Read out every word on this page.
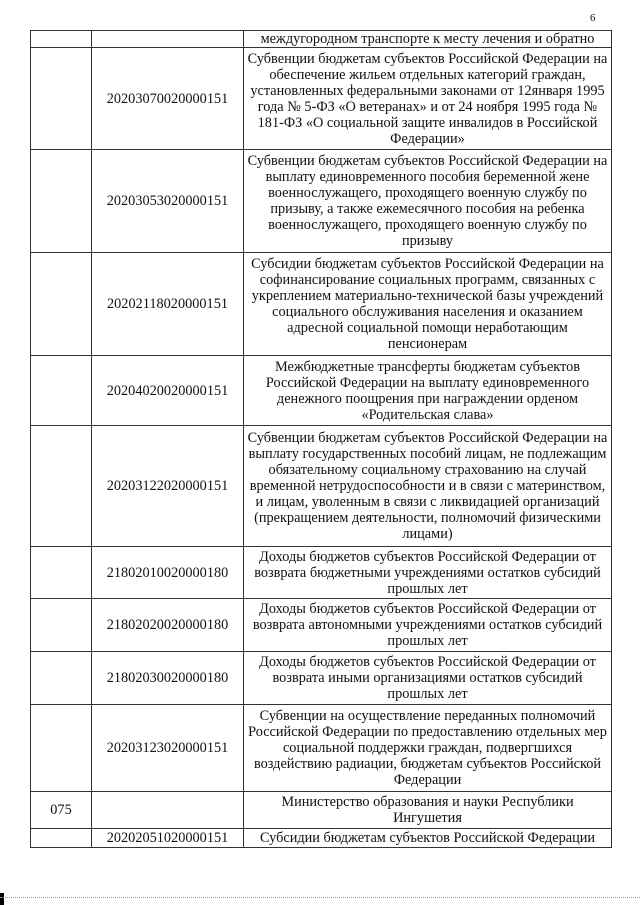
6
		междугородном транспорте к месту лечения и обратно
	20203070020000151	Субвенции бюджетам субъектов Российской Федерации на обеспечение жильем отдельных категорий граждан, установленных федеральными законами от 12января 1995 года № 5-ФЗ «О ветеранах» и от 24 ноября 1995 года № 181-ФЗ «О социальной защите инвалидов в Российской Федерации»
	20203053020000151	Субвенции бюджетам субъектов Российской Федерации на выплату единовременного пособия беременной жене военнослужащего, проходящего военную службу по призыву, а также ежемесячного пособия на ребенка военнослужащего, проходящего военную службу по призыву
	20202118020000151	Субсидии бюджетам субъектов Российской Федерации на софинансирование социальных программ, связанных с укреплением материально-технической базы учреждений социального обслуживания населения и оказанием адресной социальной помощи неработающим пенсионерам
	20204020020000151	Межбюджетные трансферты бюджетам субъектов Российской Федерации на выплату единовременного денежного поощрения при награждении орденом «Родительская слава»
	20203122020000151	Субвенции бюджетам субъектов Российской Федерации на выплату государственных пособий лицам, не подлежащим обязательному социальному страхованию на случай временной нетрудоспособности и в связи с материнством, и лицам, уволенным в связи с ликвидацией организаций (прекращением деятельности, полномочий физическими лицами)
	21802010020000180	Доходы бюджетов субъектов Российской Федерации от возврата бюджетными учреждениями остатков субсидий прошлых лет
	21802020020000180	Доходы бюджетов субъектов Российской Федерации от возврата автономными учреждениями остатков субсидий прошлых лет
	21802030020000180	Доходы бюджетов субъектов Российской Федерации от возврата иными организациями остатков субсидий прошлых лет
	20203123020000151	Субвенции на осуществление переданных полномочий Российской Федерации по предоставлению отдельных мер социальной поддержки граждан, подвергшихся воздействию радиации, бюджетам субъектов Российской Федерации
075		Министерство образования и науки Республики Ингушетия
	20202051020000151	Субсидии бюджетам субъектов Российской Федерации
